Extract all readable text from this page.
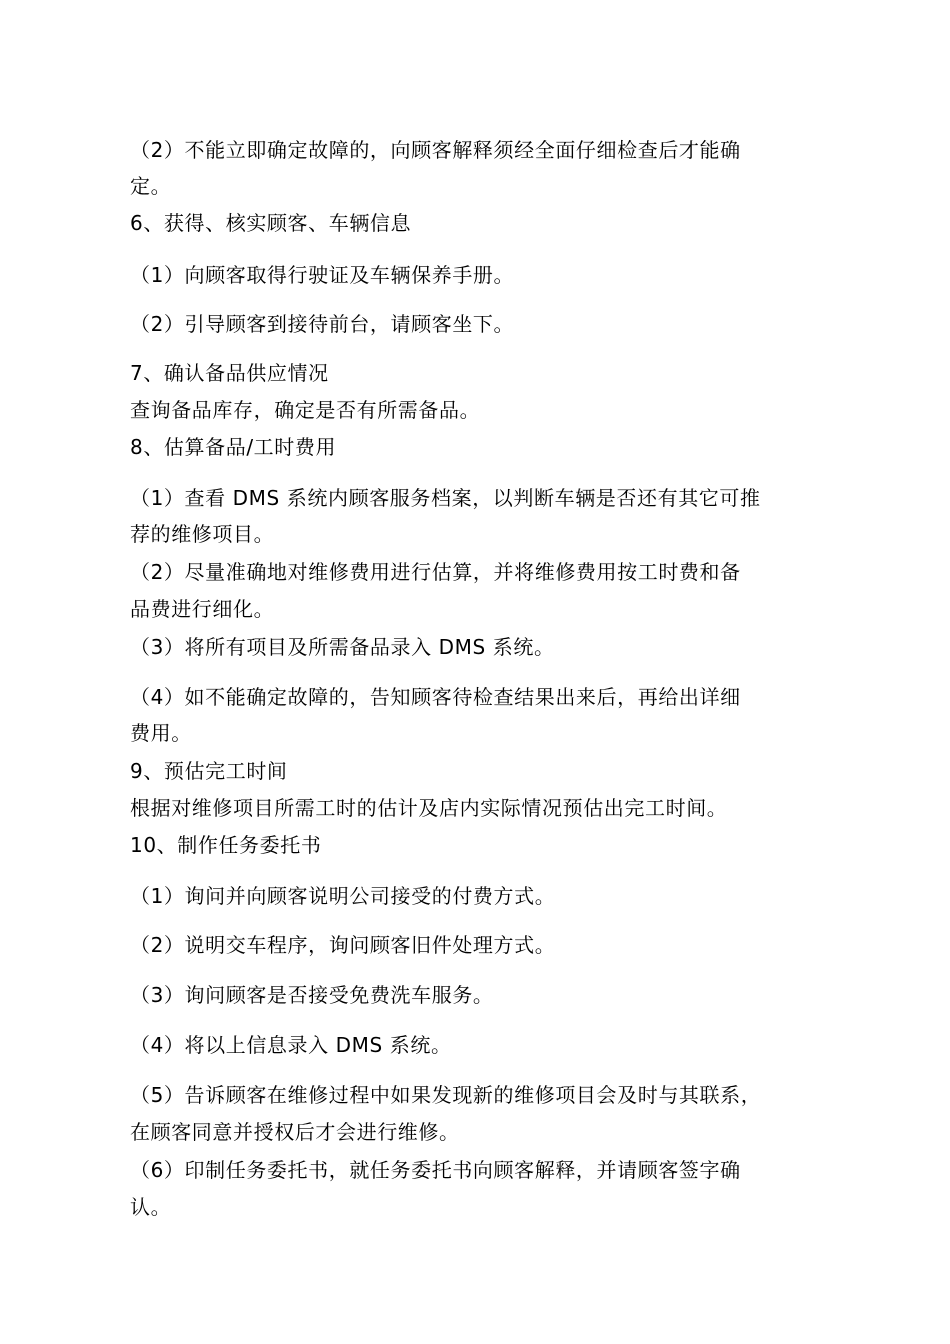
（2）不能立即确定故障的，向顾客解释须经全面仔细检查后才能确
定。
6、获得、核实顾客、车辆信息
（1）向顾客取得行驶证及车辆保养手册。
（2）引导顾客到接待前台，请顾客坐下。
7、确认备品供应情况
查询备品库存，确定是否有所需备品。
8、估算备品/工时费用
（1）查看 DMS 系统内顾客服务档案，以判断车辆是否还有其它可推
荐的维修项目。
（2）尽量准确地对维修费用进行估算，并将维修费用按工时费和备
品费进行细化。
（3）将所有项目及所需备品录入 DMS 系统。
（4）如不能确定故障的，告知顾客待检查结果出来后，再给出详细
费用。
9、预估完工时间
根据对维修项目所需工时的估计及店内实际情况预估出完工时间。
10、制作任务委托书
（1）询问并向顾客说明公司接受的付费方式。
（2）说明交车程序，询问顾客旧件处理方式。
（3）询问顾客是否接受免费洗车服务。
（4）将以上信息录入 DMS 系统。
（5）告诉顾客在维修过程中如果发现新的维修项目会及时与其联系，
在顾客同意并授权后才会进行维修。
（6）印制任务委托书，就任务委托书向顾客解释，并请顾客签字确
认。
